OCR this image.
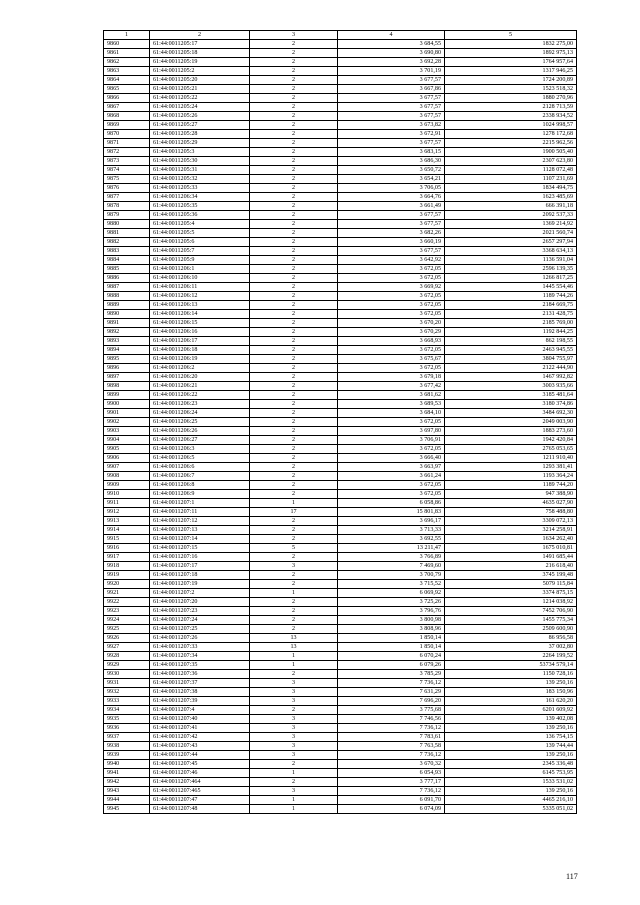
1	2	3	4	5
9860	61:44:0011205:17	2	3 684,55	1832 275,00
9861	61:44:0011205:18	2	3 690,80	1892 975,13
9862	61:44:0011205:19	2	3 692,28	1764 957,64
9863	61:44:0011205:2	2	3 701,19	1317 946,25
9864	61:44:0011205:20	2	3 677,57	1724 200,89
9865	61:44:0011205:21	2	3 667,86	1523 518,32
9866	61:44:0011205:22	2	3 677,57	1880 270,96
9867	61:44:0011205:24	2	3 677,57	2128 713,59
9868	61:44:0011205:26	2	3 677,57	2338 934,52
9869	61:44:0011205:27	2	3 673,82	1024 998,57
9870	61:44:0011205:28	2	3 672,91	1278 172,68
9871	61:44:0011205:29	2	3 677,57	2215 962,56
9872	61:44:0011205:3	2	3 683,15	1900 505,40
9873	61:44:0011205:30	2	3 686,30	2307 623,80
9874	61:44:0011205:31	2	3 650,72	1128 072,48
9875	61:44:0011205:32	2	3 654,21	1107 231,69
9876	61:44:0011205:33	2	3 706,05	1834 494,75
9877	61:44:0011206:34	2	3 664,76	1623 485,69
9878	61:44:0011205:35	2	3 661,49	666 391,18
9879	61:44:0011205:36	2	3 677,57	2092 537,33
9880	61:44:0011205:4	2	3 677,57	1369 214,92
9881	61:44:0011205:5	2	3 682,26	2021 560,74
9882	61:44:0011205:6	2	3 660,19	2657 297,94
9883	61:44:0011205:7	2	3 677,57	3368 634,13
9884	61:44:0011205:9	2	3 642,92	1136 591,04
9885	61:44:0011206:1	2	3 672,05	2596 139,35
9886	61:44:0011206:10	2	3 672,05	1266 817,25
9887	61:44:0011206:11	2	3 669,92	1445 554,46
9888	61:44:0011206:12	2	3 672,05	1189 744,26
9889	61:44:0011206:13	2	3 672,05	2184 669,75
9890	61:44:0011206:14	2	3 672,05	2131 428,75
9891	61:44:0011206:15	2	3 670,20	2185 769,00
9892	61:44:0011206:16	2	3 670,29	1192 844,25
9893	61:44:0011206:17	2	3 668,93	862 198,55
9894	61:44:0011206:18	2	3 672,05	2463 945,55
9895	61:44:0011206:19	2	3 675,67	3804 755,97
9896	61:44:0011206:2	2	3 672,05	2122 444,90
9897	61:44:0011206:20	2	3 679,18	1467 992,82
9898	61:44:0011206:21	2	3 677,42	3003 935,66
9899	61:44:0011206:22	2	3 681,62	3185 481,64
9900	61:44:0011206:23	2	3 689,53	3180 374,86
9901	61:44:0011206:24	2	3 684,10	3484 692,30
9902	61:44:0011206:25	2	3 672,05	2049 003,90
9903	61:44:0011206:26	2	3 697,80	1883 273,60
9904	61:44:0011206:27	2	3 706,91	1942 420,84
9905	61:44:0011206:3	2	3 672,05	2765 053,65
9906	61:44:0011206:5	2	3 666,40	1211 910,40
9907	61:44:0011206:6	2	3 663,97	1293 381,41
9908	61:44:0011206:7	2	3 661,24	1193 364,24
9909	61:44:0011206:8	2	3 672,05	1189 744,20
9910	61:44:0011206:9	2	3 672,05	947 388,90
9911	61:44:0011207:1	1	6 058,86	4635 027,90
9912	61:44:0011207:11	17	15 801,83	758 488,80
9913	61:44:0011207:12	2	3 696,17	3309 072,13
9914	61:44:0011207:13	2	3 713,33	3214 258,91
9915	61:44:0011207:14	2	3 692,55	1634 262,40
9916	61:44:0011207:15	5	13 211,47	1675 010,81
9917	61:44:0011207:16	2	3 766,89	1491 685,44
9918	61:44:0011207:17	3	7 469,60	216 618,40
9919	61:44:0011207:18	2	3 700,79	3745 199,48
9920	61:44:0011207:19	2	3 715,52	5079 115,84
9921	61:44:0011207:2	1	6 069,92	3374 875,15
9922	61:44:0011207:20	2	3 725,26	1214 038,92
9923	61:44:0011207:23	2	3 796,76	7452 706,90
9924	61:44:0011207:24	2	3 800,98	1455 775,34
9925	61:44:0011207:25	2	3 808,96	2509 600,90
9926	61:44:0011207:26	13	1 850,14	86 956,58
9927	61:44:0011207:33	13	1 850,14	37 002,80
9928	61:44:0011207:34	1	6 070,24	2264 199,52
9929	61:44:0011207:35	1	6 079,26	53734 579,14
9930	61:44:0011207:36	2	3 785,29	1150 728,16
9931	61:44:0011207:37	3	7 736,12	139 250,16
9932	61:44:0011207:38	3	7 631,29	183 150,96
9933	61:44:0011207:39	3	7 696,20	161 620,20
9934	61:44:0011207:4	2	3 775,68	6201 609,92
9935	61:44:0011207:40	3	7 746,56	139 402,08
9936	61:44:0011207:41	3	7 736,12	139 250,16
9937	61:44:0011207:42	3	7 783,61	136 754,15
9938	61:44:0011207:43	3	7 763,58	139 744,44
9939	61:44:0011207:44	3	7 736,12	139 250,16
9940	61:44:0011207:45	2	3 670,32	2345 336,48
9941	61:44:0011207:46	1	6 054,93	6145 753,95
9942	61:44:0011207:464	2	3 777,17	1533 531,02
9943	61:44:0011207:465	3	7 736,12	139 250,16
9944	61:44:0011207:47	1	6 091,70	4465 216,10
9945	61:44:0011207:48	1	6 074,09	5335 051,02
117
